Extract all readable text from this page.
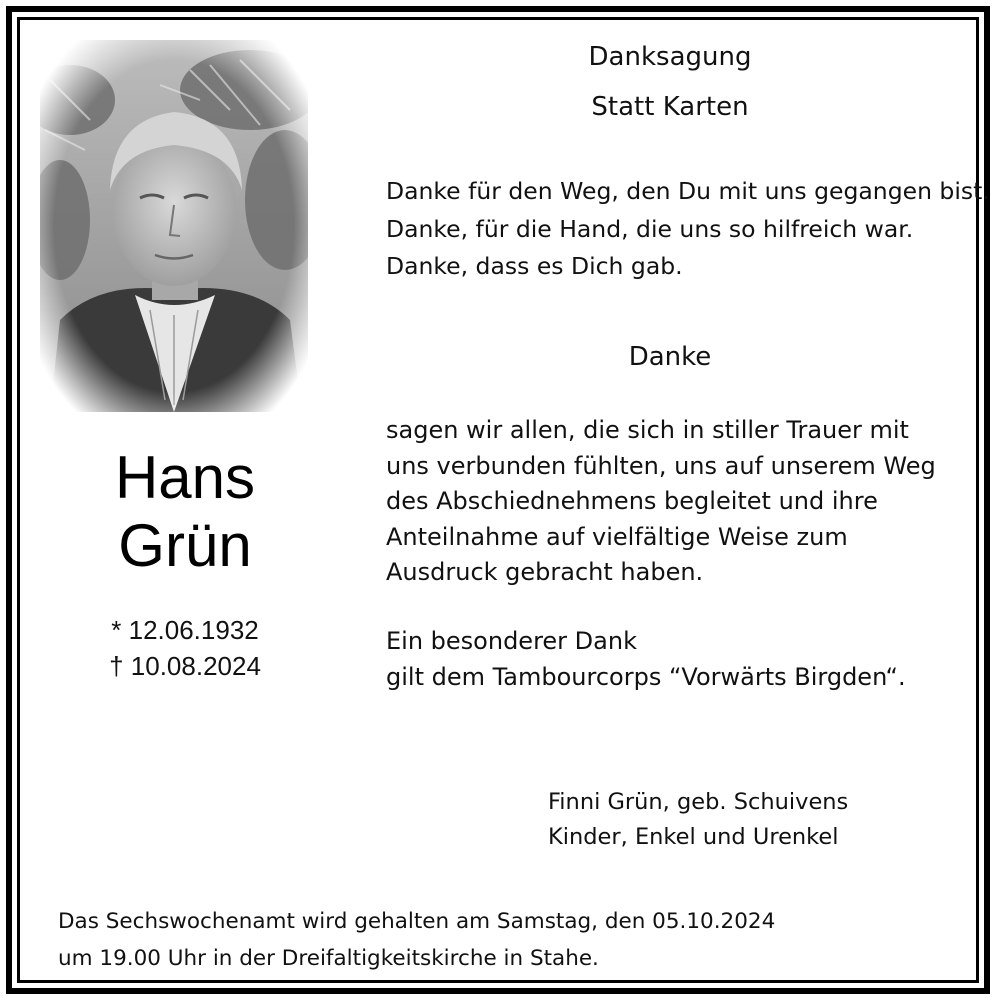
Hans
Grün
* 12.06.1932
† 10.08.2024
Danksagung
Statt Karten
Danke für den Weg, den Du mit uns gegangen bist.
Danke, für die Hand, die uns so hilfreich war.
Danke, dass es Dich gab.
Danke
sagen wir allen, die sich in stiller Trauer mit
uns verbunden fühlten, uns auf unserem Weg
des Abschiednehmens begleitet und ihre
Anteilnahme auf vielfältige Weise zum
Ausdruck gebracht haben.
Ein besonderer Dank
gilt dem Tambourcorps “Vorwärts Birgden“.
Finni Grün, geb. Schuivens
Kinder, Enkel und Urenkel
Das Sechswochenamt wird gehalten am Samstag, den 05.10.2024
um 19.00 Uhr in der Dreifaltigkeitskirche in Stahe.
